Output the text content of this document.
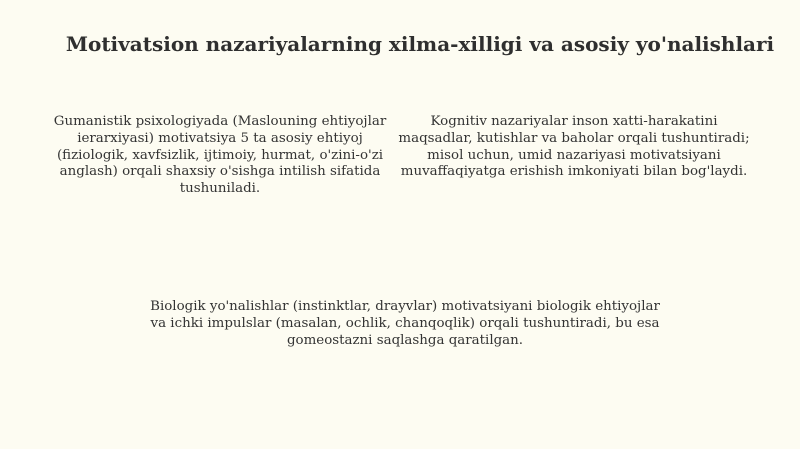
Motivatsion nazariyalarning xilma-xilligi va asosiy yo'nalishlari
Gumanistik psixologiyada (Maslouning ehtiyojlar ierarxiyasi) motivatsiya 5 ta asosiy ehtiyoj (fiziologik, xavfsizlik, ijtimoiy, hurmat, o'zini-o'zi anglash) orqali shaxsiy o'sishga intilish sifatida tushuniladi.
Kognitiv nazariyalar inson xatti-harakatini maqsadlar, kutishlar va baholar orqali tushuntiradi; misol uchun, umid nazariyasi motivatsiyani muvaffaqiyatga erishish imkoniyati bilan bog'laydi.
Biologik yo'nalishlar (instinktlar, drayvlar) motivatsiyani biologik ehtiyojlar va ichki impulslar (masalan, ochlik, chanqoqlik) orqali tushuntiradi, bu esa gomeostazni saqlashga qaratilgan.
